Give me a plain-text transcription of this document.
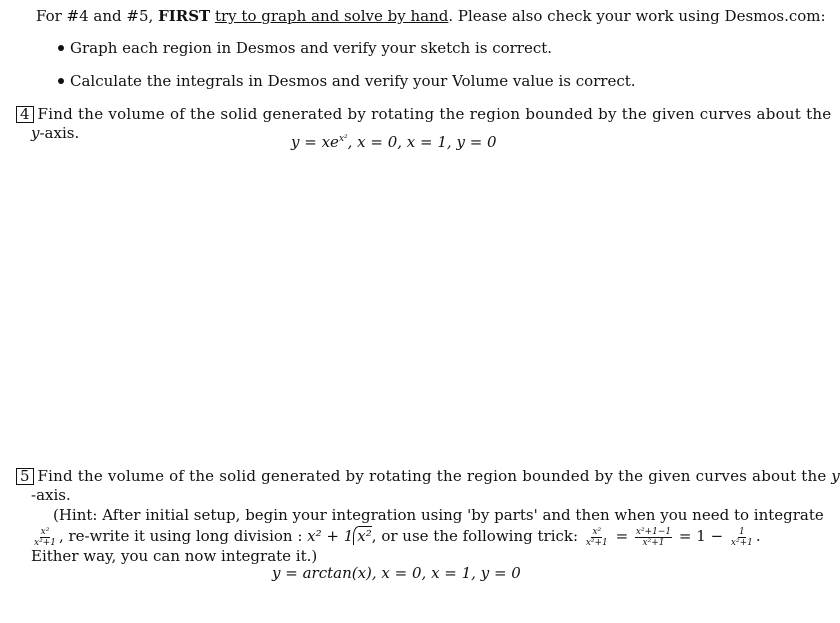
For #4 and #5, FIRST try to graph and solve by hand. Please also check your work using Desmos.com:
Graph each region in Desmos and verify your sketch is correct.
Calculate the integrals in Desmos and verify your Volume value is correct.
4 Find the volume of the solid generated by rotating the region bounded by the given curves about the
y-axis.	$y = xe^{x^2}$, x = 0, x = 1, y = 0
5 Find the volume of the solid generated by rotating the region bounded by the given curves about the y
-axis.
(Hint: After initial setup, begin your integration using 'by parts' and then when you need to integrate
$\frac{\text{x²}}{\text{x²+1}}$ , re-write it using long division : x² + 1 x², or use the following trick: $\frac{\text{x²}}{\text{x²+1}} = \frac{\text{x²+1−1}}{\text{x²+1}} = 1 - \frac{1}{\text{x²+1}}$ .
Either way, you can now integrate it.)
y = arctan(x), x = 0, x = 1, y = 0
